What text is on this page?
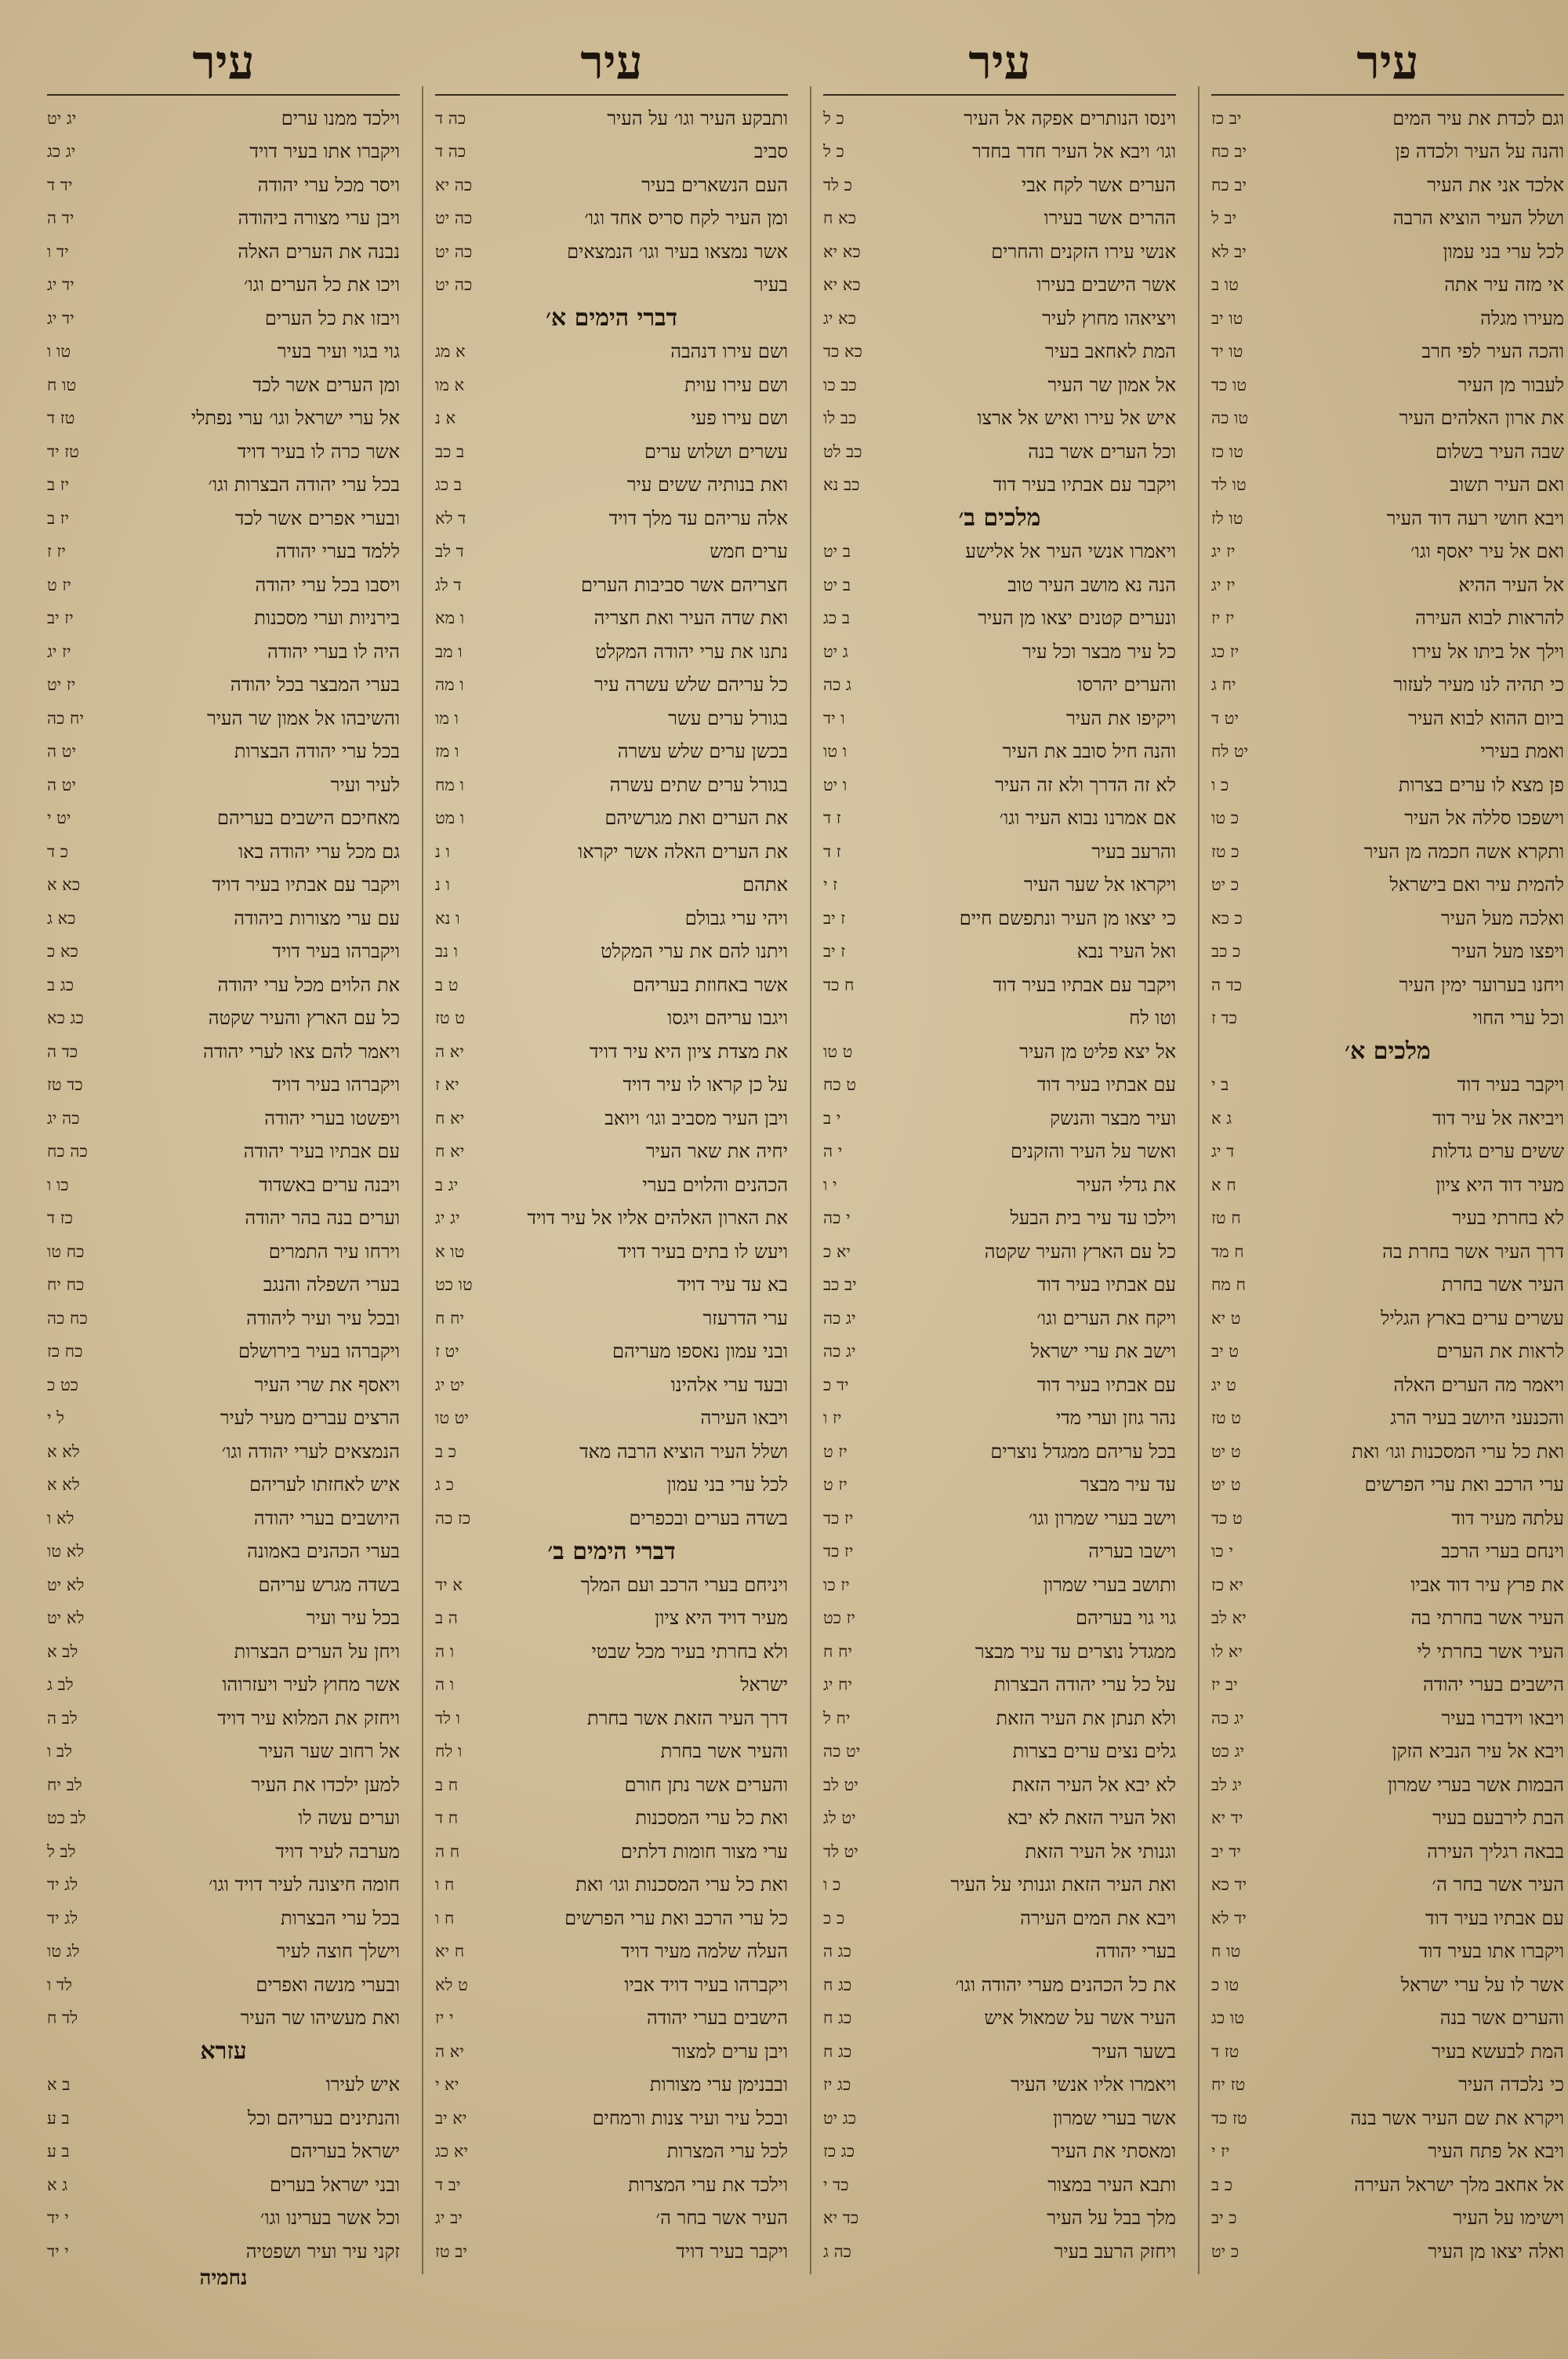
עיר
וגם לכדת את עיר המים
יב כז
והנה על העיר ולכדה פן
יב כח
אלכד אני את העיר
יב כח
ושלל העיר הוציא הרבה
יב ל
לכל ערי בני עמון
יב לא
אי מזה עיר אתה
טו ב
מעירו מגלה
טו יב
והכה העיר לפי חרב
טו יד
לעבור מן העיר
טו כד
את ארון האלהים העיר
טו כה
שבה העיר בשלום
טו כז
ואם העיר תשוב
טו לד
ויבא חושי רעה דוד העיר
טו לז
ואם אל עיר יאסף וגו׳
יז יג
אל העיר ההיא
יז יג
להראות לבוא העירה
יז יז
וילך אל ביתו אל עירו
יז כג
כי תהיה לנו מעיר לעזור
יח ג
ביום ההוא לבוא העיר
יט ד
ואמת בעירי
יט לח
פן מצא לו ערים בצרות
כ ו
וישפכו סללה אל העיר
כ טו
ותקרא אשה חכמה מן העיר
כ טז
להמית עיר ואם בישראל
כ יט
ואלכה מעל העיר
כ כא
ויפצו מעל העיר
כ כב
ויחנו בערוער ימין העיר
כד ה
וכל ערי החוי
כד ז
מלכים א׳
ויקבר בעיר דוד
ב י
ויביאה אל עיר דוד
ג א
ששים ערים גדלות
ד יג
מעיר דוד היא ציון
ח א
לא בחרתי בעיר
ח טז
דרך העיר אשר בחרת בה
ח מד
העיר אשר בחרת
ח מח
עשרים ערים בארץ הגליל
ט יא
לראות את הערים
ט יב
ויאמר מה הערים האלה
ט יג
והכנעני היושב בעיר הרג
ט טז
ואת כל ערי המסכנות וגו׳ ואת
ט יט
ערי הרכב ואת ערי הפרשים
ט יט
עלתה מעיר דוד
ט כד
וינחם בערי הרכב
י כו
את פרץ עיר דוד אביו
יא כז
העיר אשר בחרתי בה
יא לב
העיר אשר בחרתי לי
יא לו
הישבים בערי יהודה
יב יז
ויבאו וידברו בעיר
יג כה
ויבא אל עיר הנביא הזקן
יג כט
הבמות אשר בערי שמרון
יג לב
הבת לירבעם בעיר
יד יא
בבאה רגליך העירה
יד יב
העיר אשר בחר ה׳
יד כא
עם אבתיו בעיר דוד
יד לא
ויקברו אתו בעיר דוד
טו ח
אשר לו על ערי ישראל
טו כ
והערים אשר בנה
טו כג
המת לבעשא בעיר
טז ד
כי נלכדה העיר
טז יח
ויקרא את שם העיר אשר בנה
טז כד
ויבא אל פתח העיר
יז י
אל אחאב מלך ישראל העירה
כ ב
וישימו על העיר
כ יב
ואלה יצאו מן העיר
כ יט
עיר
וינסו הנותרים אפקה אל העיר
כ ל
וגו׳ ויבא אל העיר חדר בחדר
כ ל
הערים אשר לקח אבי
כ לד
ההרים אשר בעירו
כא ח
אנשי עירו הזקנים והחרים
כא יא
אשר הישבים בעירו
כא יא
ויציאהו מחוץ לעיר
כא יג
המת לאחאב בעיר
כא כד
אל אמון שר העיר
כב כו
איש אל עירו ואיש אל ארצו
כב לו
וכל הערים אשר בנה
כב לט
ויקבר עם אבתיו בעיר דוד
כב נא
מלכים ב׳
ויאמרו אנשי העיר אל אלישע
ב יט
הנה נא מושב העיר טוב
ב יט
ונערים קטנים יצאו מן העיר
ב כג
כל עיר מבצר וכל עיר
ג יט
והערים יהרסו
ג כה
ויקיפו את העיר
ו יד
והנה חיל סובב את העיר
ו טו
לא זה הדרך ולא זה העיר
ו יט
אם אמרנו נבוא העיר וגו׳
ז ד
והרעב בעיר
ז ד
ויקראו אל שער העיר
ז י
כי יצאו מן העיר ונתפשם חיים
ז יב
ואל העיר נבא
ז יב
ויקבר עם אבתיו בעיר דוד
ח כד
וטו לח
אל יצא פליט מן העיר
ט טו
עם אבתיו בעיר דוד
ט כח
ועיר מבצר והנשק
י ב
ואשר על העיר והזקנים
י ה
את גדלי העיר
י ו
וילכו עד עיר בית הבעל
י כה
כל עם הארץ והעיר שקטה
יא כ
עם אבתיו בעיר דוד
יב כב
ויקח את הערים וגו׳
יג כה
וישב את ערי ישראל
יג כה
עם אבתיו בעיר דוד
יד כ
נהר גוזן וערי מדי
יז ו
בכל עריהם ממגדל נוצרים
יז ט
עד עיר מבצר
יז ט
וישב בערי שמרון וגו׳
יז כד
וישבו בעריה
יז כד
ותושב בערי שמרון
יז כו
גוי גוי בעריהם
יז כט
ממגדל נוצרים עד עיר מבצר
יח ח
על כל ערי יהודה הבצרות
יח יג
ולא תנתן את העיר הזאת
יח ל
גלים נצים ערים בצרות
יט כה
לא יבא אל העיר הזאת
יט לב
ואל העיר הזאת לא יבא
יט לג
וגנותי אל העיר הזאת
יט לד
ואת העיר הזאת וגנותי על העיר
כ ו
ויבא את המים העירה
כ כ
בערי יהודה
כג ה
את כל הכהנים מערי יהודה וגו׳
כג ח
העיר אשר על שמאול איש
כג ח
בשער העיר
כג ח
ויאמרו אליו אנשי העיר
כג יז
אשר בערי שמרון
כג יט
ומאסתי את העיר
כג כז
ותבא העיר במצור
כד י
מלך בבל על העיר
כד יא
ויחזק הרעב בעיר
כה ג
עיר
ותבקע העיר וגו׳ על העיר
כה ד
סביב
כה ד
העם הנשארים בעיר
כה יא
ומן העיר לקח סריס אחד וגו׳
כה יט
אשר נמצאו בעיר וגו׳ הנמצאים
כה יט
בעיר
כה יט
דברי הימים א׳
ושם עירו דנהבה
א מג
ושם עירו עוית
א מו
ושם עירו פעי
א נ
עשרים ושלוש ערים
ב כב
ואת בנותיה ששים עיר
ב כג
אלה עריהם עד מלך דויד
ד לא
ערים חמש
ד לב
חצריהם אשר סביבות הערים
ד לג
ואת שדה העיר ואת חצריה
ו מא
נתנו את ערי יהודה המקלט
ו מב
כל עריהם שלש עשרה עיר
ו מה
בגורל ערים עשר
ו מו
בכשן ערים שלש עשרה
ו מז
בגורל ערים שתים עשרה
ו מח
את הערים ואת מגרשיהם
ו מט
את הערים האלה אשר יקראו
ו נ
אתהם
ו נ
ויהי ערי גבולם
ו נא
ויתנו להם את ערי המקלט
ו נב
אשר באחוזת בעריהם
ט ב
ויגבו עריהם ויגסו
ט טז
את מצדת ציון היא עיר דויד
יא ה
על כן קראו לו עיר דויד
יא ז
ויבן העיר מסביב וגו׳ ויואב
יא ח
יחיה את שאר העיר
יא ח
הכהנים והלוים בערי
יג ב
את הארון האלהים אליו אל עיר דויד
יג יג
ויעש לו בתים בעיר דויד
טו א
בא עד עיר דויד
טו כט
ערי הדרעזר
יח ח
ובני עמון נאספו מעריהם
יט ז
ובעד ערי אלהינו
יט יג
ויבאו העירה
יט טו
ושלל העיר הוציא הרבה מאד
כ ב
לכל ערי בני עמון
כ ג
בשדה בערים ובכפרים
כז כה
דברי הימים ב׳
ויניחם בערי הרכב ועם המלך
א יד
מעיר דויד היא ציון
ה ב
ולא בחרתי בעיר מכל שבטי
ו ה
ישראל
ו ה
דרך העיר הזאת אשר בחרת
ו לד
והעיר אשר בחרת
ו לח
והערים אשר נתן חורם
ח ב
ואת כל ערי המסכנות
ח ד
ערי מצור חומות דלתים
ח ה
ואת כל ערי המסכנות וגו׳ ואת
ח ו
כל ערי הרכב ואת ערי הפרשים
ח ו
העלה שלמה מעיר דויד
ח יא
ויקברהו בעיר דויד אביו
ט לא
הישבים בערי יהודה
י יז
ויבן ערים למצור
יא ה
ובבנימן ערי מצורות
יא י
ובכל עיר ועיר צנות ורמחים
יא יב
לכל ערי המצרות
יא כג
וילכד את ערי המצרות
יב ד
העיר אשר בחר ה׳
יב יג
ויקבר בעיר דויד
יב טז
עיר
וילכד ממנו ערים
יג יט
ויקברו אתו בעיר דויד
יג כג
ויסר מכל ערי יהודה
יד ד
ויבן ערי מצורה ביהודה
יד ה
נבנה את הערים האלה
יד ו
ויכו את כל הערים וגו׳
יד יג
ויבזו את כל הערים
יד יג
גוי בגוי ועיר בעיר
טו ו
ומן הערים אשר לכד
טו ח
אל ערי ישראל וגו׳ ערי נפתלי
טז ד
אשר כרה לו בעיר דויד
טז יד
בכל ערי יהודה הבצרות וגו׳
יז ב
ובערי אפרים אשר לכד
יז ב
ללמד בערי יהודה
יז ז
ויסבו בכל ערי יהודה
יז ט
בירניות וערי מסכנות
יז יב
היה לו בערי יהודה
יז יג
בערי המבצר בכל יהודה
יז יט
והשיבהו אל אמון שר העיר
יח כה
בכל ערי יהודה הבצרות
יט ה
לעיר ועיר
יט ה
מאחיכם הישבים בעריהם
יט י
גם מכל ערי יהודה באו
כ ד
ויקבר עם אבתיו בעיר דויד
כא א
עם ערי מצורות ביהודה
כא ג
ויקברהו בעיר דויד
כא כ
את הלוים מכל ערי יהודה
כג ב
כל עם הארץ והעיר שקטה
כג כא
ויאמר להם צאו לערי יהודה
כד ה
ויקברהו בעיר דויד
כד טז
ויפשטו בערי יהודה
כה יג
עם אבתיו בעיר יהודה
כה כח
ויבנה ערים באשדוד
כו ו
וערים בנה בהר יהודה
כז ד
וירחו עיר התמרים
כח טו
בערי השפלה והנגב
כח יח
ובכל עיר ועיר ליהודה
כח כה
ויקברהו בעיר בירושלם
כח כז
ויאסף את שרי העיר
כט כ
הרצים עברים מעיר לעיר
ל י
הנמצאים לערי יהודה וגו׳
לא א
איש לאחזתו לעריהם
לא א
היושבים בערי יהודה
לא ו
בערי הכהנים באמונה
לא טו
בשדה מגרש עריהם
לא יט
בכל עיר ועיר
לא יט
ויחן על הערים הבצרות
לב א
אשר מחוץ לעיר ויעזרוהו
לב ג
ויחזק את המלוא עיר דויד
לב ה
אל רחוב שער העיר
לב ו
למען ילכדו את העיר
לב יח
וערים עשה לו
לב כט
מערבה לעיר דויד
לב ל
חומה חיצונה לעיר דויד וגו׳
לג יד
בכל ערי הבצרות
לג יד
וישלך חוצה לעיר
לג טו
ובערי מנשה ואפרים
לד ו
ואת מעשיהו שר העיר
לד ח
עזרא
איש לעירו
ב א
והנתינים בעריהם וכל
ב ע
ישראל בעריהם
ב ע
ובני ישראל בערים
ג א
וכל אשר בערינו וגו׳
י יד
זקני עיר ועיר ושפטיה
י יד
נחמיה
